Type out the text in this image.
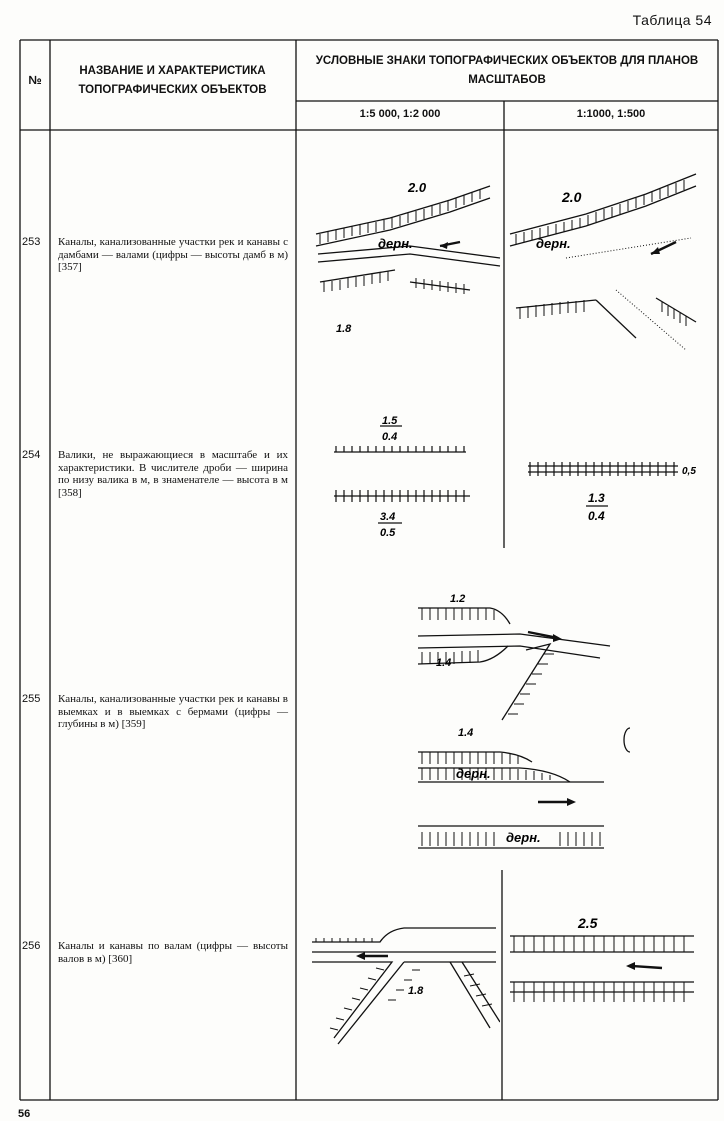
Таблица 54
№
НАЗВАНИЕ И ХАРАКТЕРИСТИКА ТОПОГРАФИЧЕСКИХ ОБЪЕКТОВ
УСЛОВНЫЕ ЗНАКИ ТОПОГРАФИЧЕСКИХ ОБЪЕКТОВ ДЛЯ ПЛАНОВ МАСШТАБОВ
1:5 000, 1:2 000	1:1000, 1:500
253 Каналы, канализованные участки рек и канавы с дамбами — валами (цифры — высоты дамб в м) [357]
254 Валики, не выражающиеся в масштабе и их характеристики. В числителе дроби — ширина по низу валика в м, в знаменателе — высота в м [358]
255 Каналы, канализованные участки рек и канавы в выемках и в выемках с бермами (цифры — глубины в м) [359]
256 Каналы и канавы по валам (цифры — высоты валов в м) [360]
2.0
1.8
дерн.
2.0
дерн.
1.5
0.4
3.4
0.5
0,5
1.3
0.4
1.2
1.4
1.4
дерн.
дерн.
1.8
2.5
56
